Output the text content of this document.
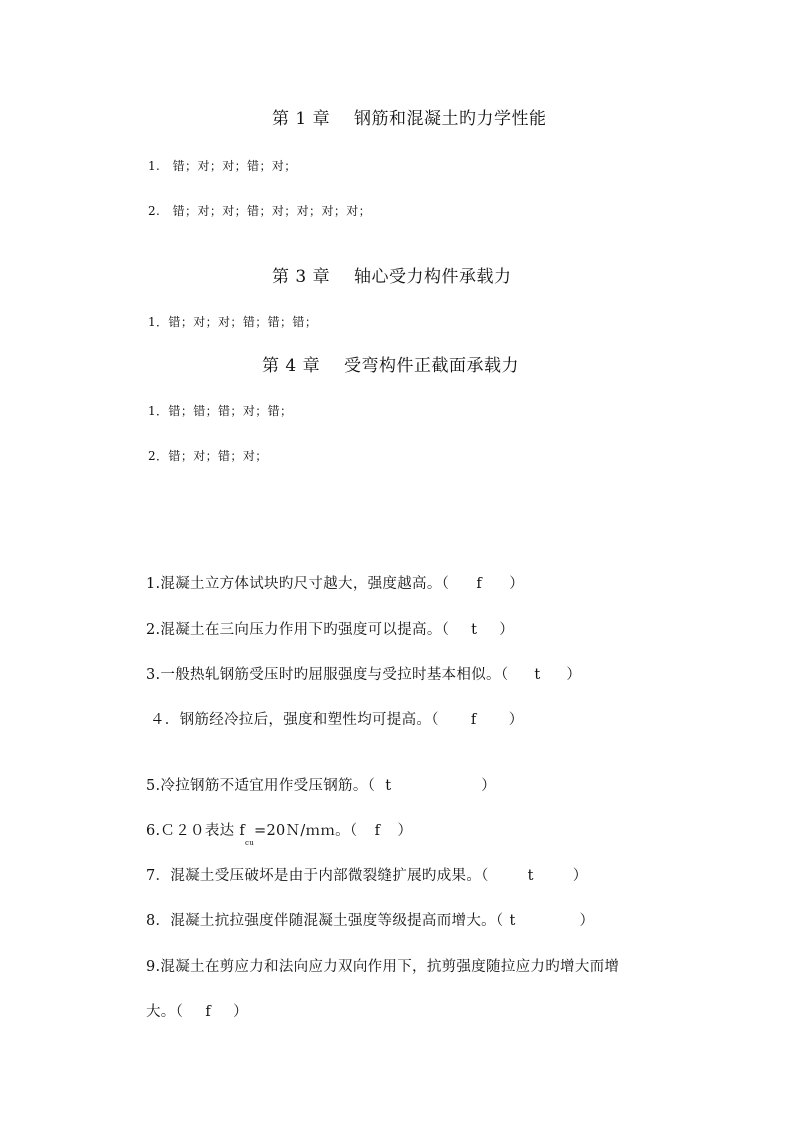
第 1 章 钢筋和混凝土旳力学性能
1.　错；对；对；错；对；
2.　错；对；对；错；对；对；对；对；
第 3 章 轴心受力构件承载力
1．错；对；对；错；错；错；
第 4 章 受弯构件正截面承载力
1．错；错；错；对；错；
2．错；对；错；对；
1.混凝土立方体试块旳尺寸越大，强度越高。（ f ）
2.混凝土在三向压力作用下旳强度可以提高。（ t ）
3.一般热轧钢筋受压时旳屈服强度与受拉时基本相似。（ t ）
４．钢筋经冷拉后，强度和塑性均可提高。（ f ）
5.冷拉钢筋不适宜用作受压钢筋。（ t	）
6.Ｃ２０表达 $f_{cu}=20N/mm$。（ f ）
7．混凝土受压破坏是由于内部微裂缝扩展旳成果。（	t	）
8．混凝土抗拉强度伴随混凝土强度等级提高而增大。（ t	）
9.混凝土在剪应力和法向应力双向作用下，抗剪强度随拉应力旳增大而增
大。（ f ）
